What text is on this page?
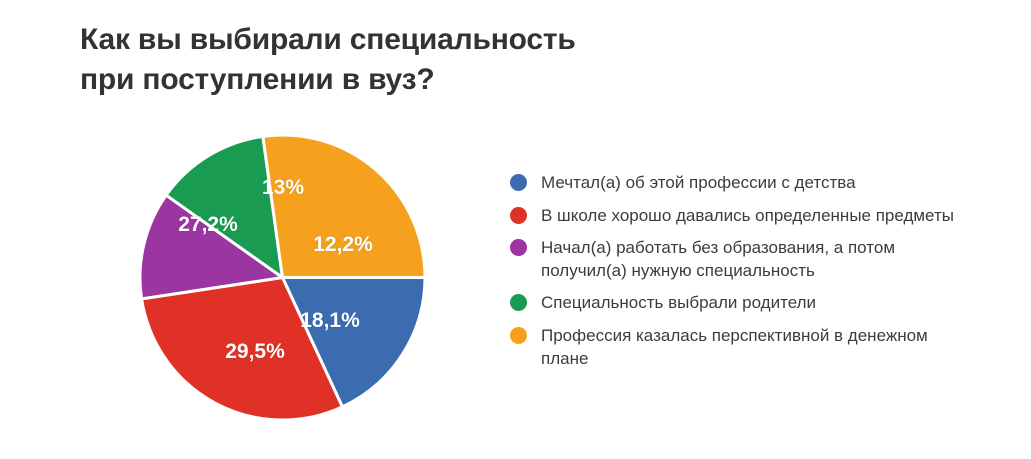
Как вы выбирали специальность
при поступлении в вуз?
18,1%
29,5%
12,2%
13%
27,2%
Мечтал(а) об этой профессии с детства
В школе хорошо давались определенные предметы
Начал(а) работать без образования, а потом получил(а) нужную специальность
Специальность выбрали родители
Профессия казалась перспективной в денежном плане
